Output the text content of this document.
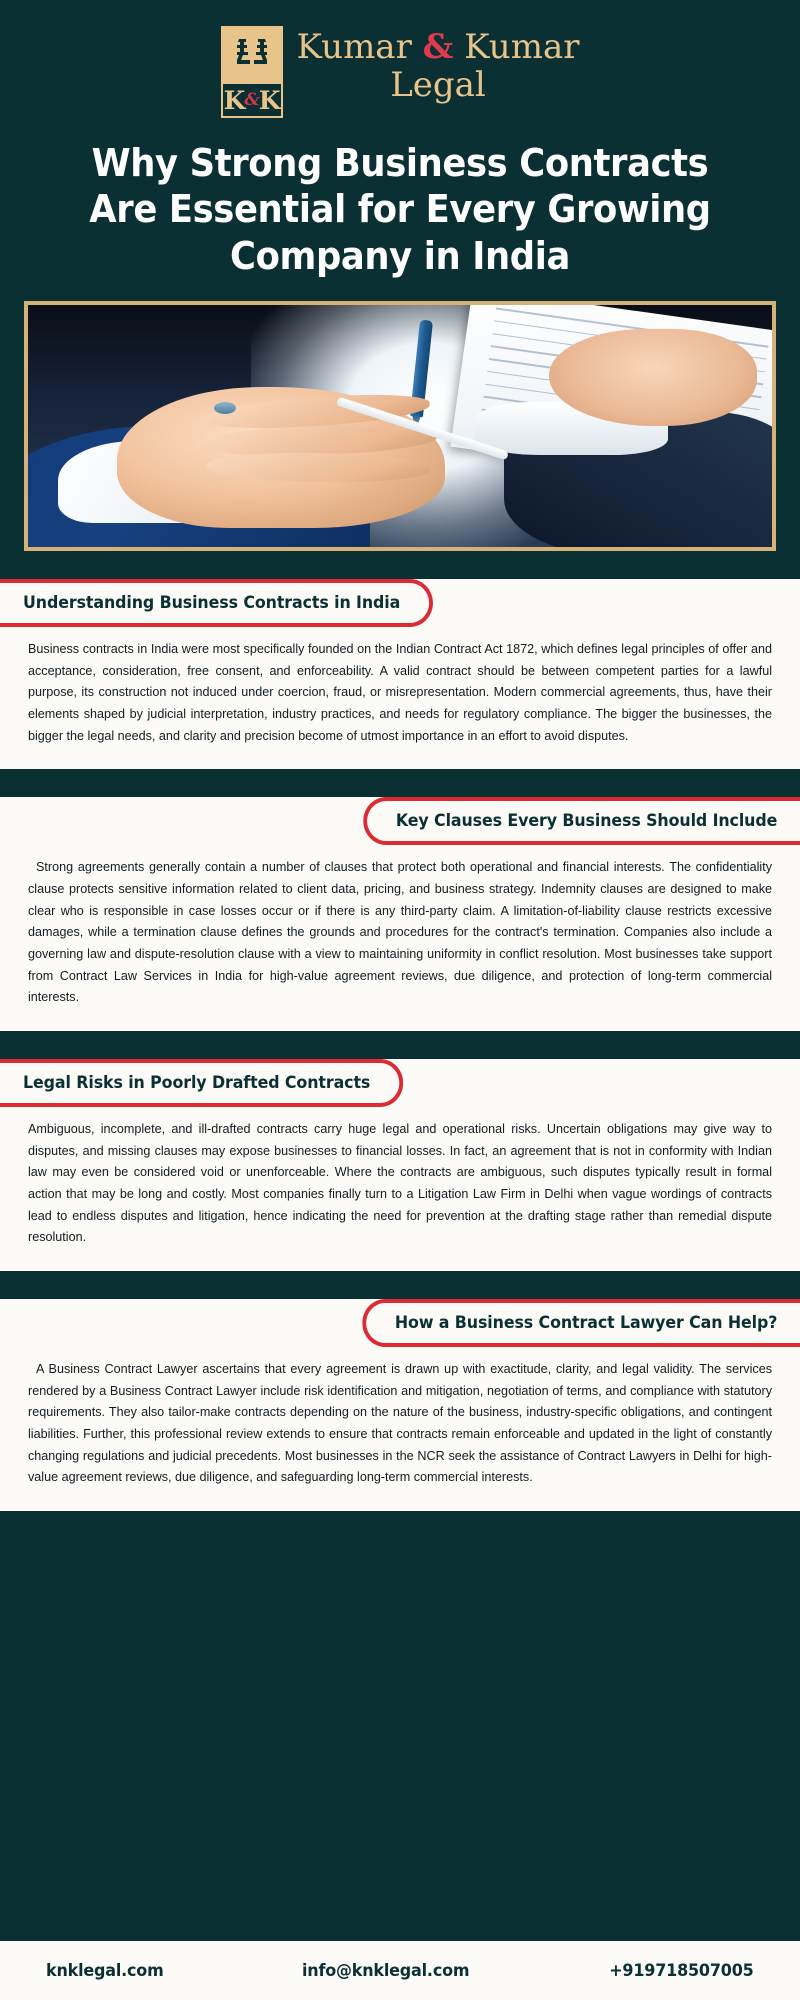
K & K
Kumar & Kumar
Legal
Why Strong Business Contracts Are Essential for Every Growing Company in India
Understanding Business Contracts in India
Business contracts in India were most specifically founded on the Indian Contract Act 1872, which defines legal principles of offer and acceptance, consideration, free consent, and enforceability. A valid contract should be between competent parties for a lawful purpose, its construction not induced under coercion, fraud, or misrepresentation. Modern commercial agreements, thus, have their elements shaped by judicial interpretation, industry practices, and needs for regulatory compliance. The bigger the businesses, the bigger the legal needs, and clarity and precision become of utmost importance in an effort to avoid disputes.
Key Clauses Every Business Should Include
Strong agreements generally contain a number of clauses that protect both operational and financial interests. The confidentiality clause protects sensitive information related to client data, pricing, and business strategy. Indemnity clauses are designed to make clear who is responsible in case losses occur or if there is any third-party claim. A limitation-of-liability clause restricts excessive damages, while a termination clause defines the grounds and procedures for the contract's termination. Companies also include a governing law and dispute-resolution clause with a view to maintaining uniformity in conflict resolution. Most businesses take support from Contract Law Services in India for high-value agreement reviews, due diligence, and protection of long-term commercial interests.
Legal Risks in Poorly Drafted Contracts
Ambiguous, incomplete, and ill-drafted contracts carry huge legal and operational risks. Uncertain obligations may give way to disputes, and missing clauses may expose businesses to financial losses. In fact, an agreement that is not in conformity with Indian law may even be considered void or unenforceable. Where the contracts are ambiguous, such disputes typically result in formal action that may be long and costly. Most companies finally turn to a Litigation Law Firm in Delhi when vague wordings of contracts lead to endless disputes and litigation, hence indicating the need for prevention at the drafting stage rather than remedial dispute resolution.
How a Business Contract Lawyer Can Help?
A Business Contract Lawyer ascertains that every agreement is drawn up with exactitude, clarity, and legal validity. The services rendered by a Business Contract Lawyer include risk identification and mitigation, negotiation of terms, and compliance with statutory requirements. They also tailor-make contracts depending on the nature of the business, industry-specific obligations, and contingent liabilities. Further, this professional review extends to ensure that contracts remain enforceable and updated in the light of constantly changing regulations and judicial precedents. Most businesses in the NCR seek the assistance of Contract Lawyers in Delhi for high-value agreement reviews, due diligence, and safeguarding long-term commercial interests.
knklegal.com	info@knklegal.com	+919718507005
